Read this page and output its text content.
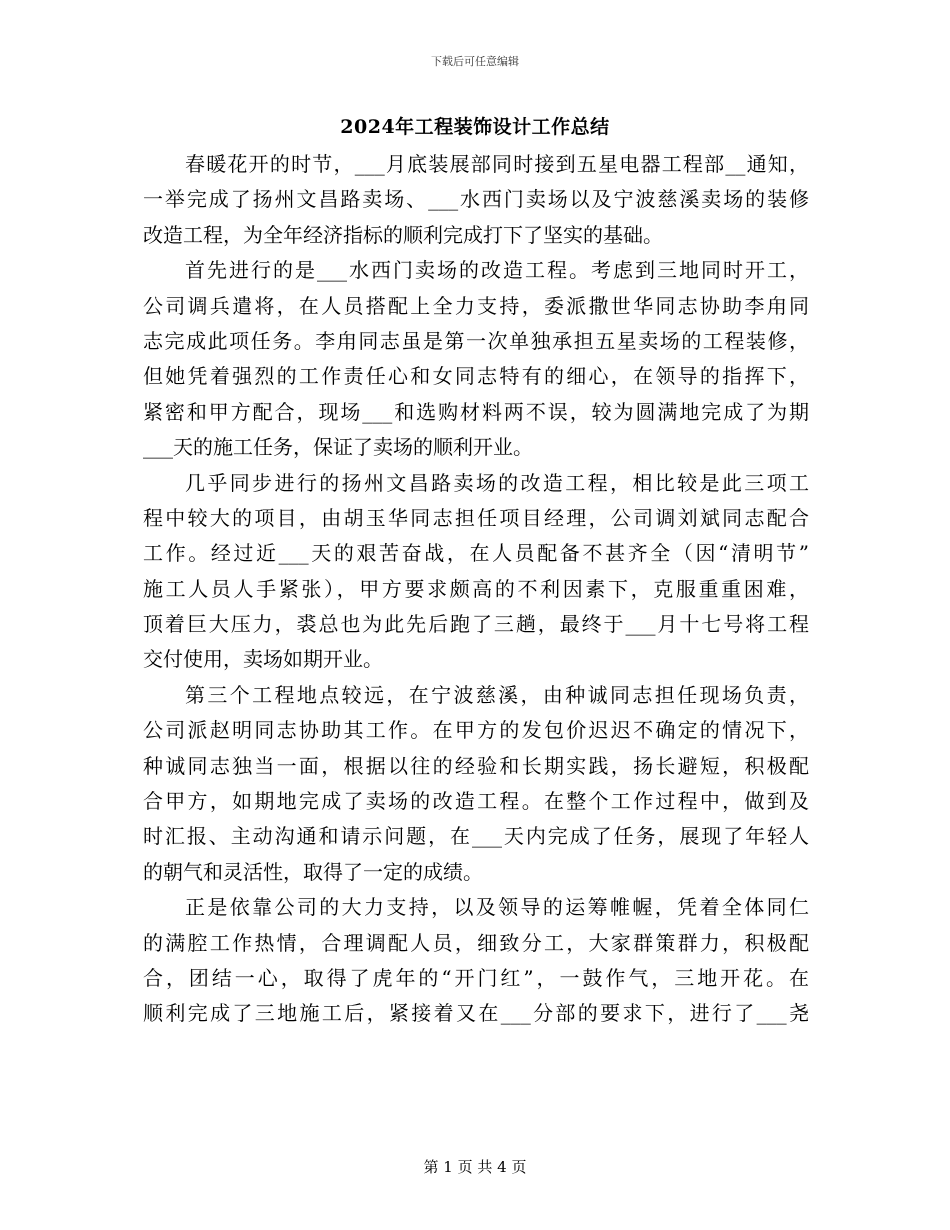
下载后可任意编辑
2024年工程装饰设计工作总结
春暖花开的时节，___月底装展部同时接到五星电器工程部__通知，
一举完成了扬州文昌路卖场、___水西门卖场以及宁波慈溪卖场的装修
改造工程，为全年经济指标的顺利完成打下了坚实的基础。
首先进行的是___水西门卖场的改造工程。考虑到三地同时开工，
公司调兵遣将，在人员搭配上全力支持，委派撒世华同志协助李甪同
志完成此项任务。李甪同志虽是第一次单独承担五星卖场的工程装修，
但她凭着强烈的工作责任心和女同志特有的细心，在领导的指挥下，
紧密和甲方配合，现场___和选购材料两不误，较为圆满地完成了为期
___天的施工任务，保证了卖场的顺利开业。
几乎同步进行的扬州文昌路卖场的改造工程，相比较是此三项工
程中较大的项目，由胡玉华同志担任项目经理，公司调刘斌同志配合
工作。经过近___天的艰苦奋战，在人员配备不甚齐全（因“清明节”
施工人员人手紧张），甲方要求颇高的不利因素下，克服重重困难，
顶着巨大压力，裘总也为此先后跑了三趟，最终于___月十七号将工程
交付使用，卖场如期开业。
第三个工程地点较远，在宁波慈溪，由种诚同志担任现场负责，
公司派赵明同志协助其工作。在甲方的发包价迟迟不确定的情况下，
种诚同志独当一面，根据以往的经验和长期实践，扬长避短，积极配
合甲方，如期地完成了卖场的改造工程。在整个工作过程中，做到及
时汇报、主动沟通和请示问题，在___天内完成了任务，展现了年轻人
的朝气和灵活性，取得了一定的成绩。
正是依靠公司的大力支持，以及领导的运筹帷幄，凭着全体同仁
的满腔工作热情，合理调配人员，细致分工，大家群策群力，积极配
合，团结一心，取得了虎年的“开门红”，一鼓作气，三地开花。在
顺利完成了三地施工后，紧接着又在___分部的要求下，进行了___尧
第 1 页 共 4 页
